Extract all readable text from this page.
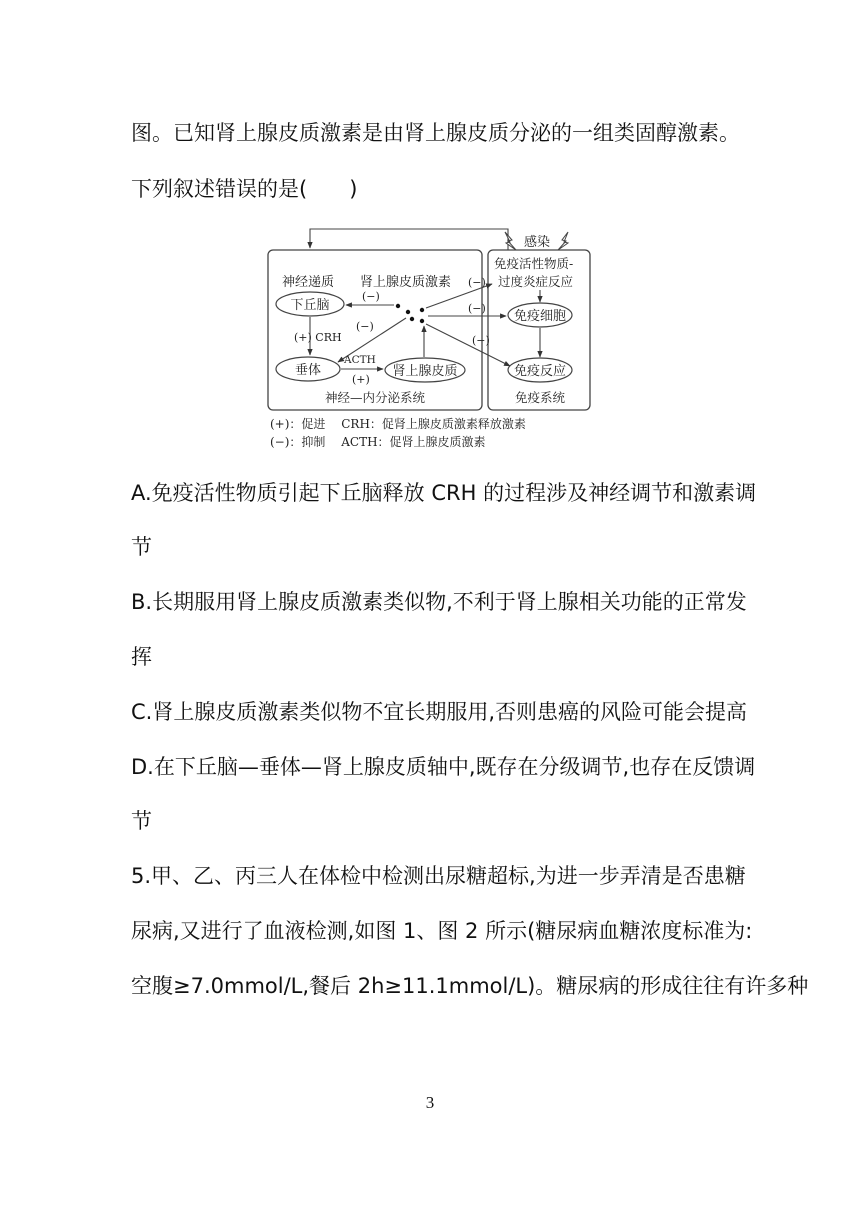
图。已知肾上腺皮质激素是由肾上腺皮质分泌的一组类固醇激素。
下列叙述错误的是(　　)
感染
神经递质 肾上腺皮质激素
下丘脑
垂体	肾上腺皮质
免疫细胞
免疫反应
免疫活性物质-
过度炎症反应
(−)
(+) CRH
(−)
ACTH
(+)
(−)
(−)
(−)
神经—内分泌系统	免疫系统
(+)：促进　 CRH：促肾上腺皮质激素释放激素
(−)：抑制　 ACTH：促肾上腺皮质激素
A.免疫活性物质引起下丘脑释放 CRH 的过程涉及神经调节和激素调
节
B.长期服用肾上腺皮质激素类似物,不利于肾上腺相关功能的正常发
挥
C.肾上腺皮质激素类似物不宜长期服用,否则患癌的风险可能会提高
D.在下丘脑—垂体—肾上腺皮质轴中,既存在分级调节,也存在反馈调
节
5.甲、乙、丙三人在体检中检测出尿糖超标,为进一步弄清是否患糖
尿病,又进行了血液检测,如图 1、图 2 所示(糖尿病血糖浓度标准为:
空腹≥7.0mmol/L,餐后 2h≥11.1mmol/L)。糖尿病的形成往往有许多种
3
